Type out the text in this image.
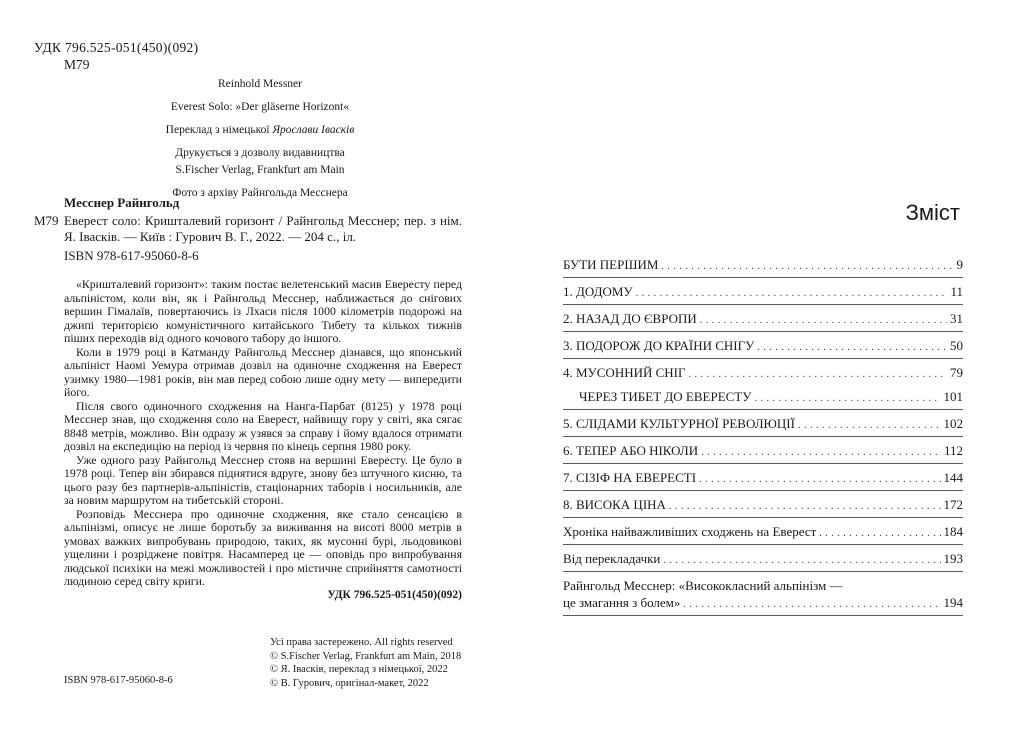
УДК 796.525-051(450)(092)
М79
Reinhold Messner
Everest Solo: »Der gläserne Horizont«
Переклад з німецької Ярослави Іваскiв
Друкується з дозволу видавництва
S.Fischer Verlag, Frankfurt am Main
Фото з архіву Райнгольда Месснера
Месснер Райнгольд
М79 Еверест соло: Кришталевий горизонт / Райнгольд Месснер; пер. з нім. Я. Іваскiв. — Київ : Гурович В. Г., 2022. — 204 с., іл.
ISBN 978-617-95060-8-6

«Кришталевий горизонт»: таким постає велетенський масив Евересту перед альпіністом, коли він, як і Райнгольд Месснер, наближається до снігових вершин Гімалаїв, повертаючись із Лхаси після 1000 кілометрів подорожі на джипі територією комуністичного китайського Тибету та кількох тижнів піших переходів від одного кочового табору до іншого.

Коли в 1979 році в Катманду Райнгольд Месснер дізнався, що японський альпініст Наомі Уемура отримав дозвіл на одиночне сходження на Еверест узимку 1980—1981 років, він мав перед собою лише одну мету — випередити його.

Після свого одиночного сходження на Нанга-Парбат (8125) у 1978 році Месснер знав, що сходження соло на Еверест, найвищу гору у світі, яка сягає 8848 метрів, можливо. Він одразу ж узявся за справу і йому вдалося отримати дозвіл на експедицію на період із червня по кінець серпня 1980 року.

Уже одного разу Райнгольд Месснер стояв на вершині Евересту. Це було в 1978 році. Тепер він збирався піднятися вдруге, знову без штучного кисню, та цього разу без партнерів-альпіністів, стаціонарних таборів і носильників, але за новим маршрутом на тибетській стороні.

Розповідь Месснера про одиночне сходження, яке стало сенсацією в альпінізмі, описує не лише боротьбу за виживання на висоті 8000 метрів в умовах важких випробувань природою, таких, як мусонні бурі, льодовикові ущелини і розріджене повітря. Насамперед це — оповідь про випробування людської психіки на межі можливостей і про містичне сприйняття самотності людиною серед світу криги.

УДК 796.525-051(450)(092)
Усі права застережено. All rights reserved
© S.Fischer Verlag, Frankfurt am Main, 2018
© Я. Іваскiв, переклад з німецької, 2022
© В. Гурович, оригінал-макет, 2022
ISBN 978-617-95060-8-6
Зміст
БУТИ ПЕРШИМ . . .	9
1. ДОДОМУ . . .	11
2. НАЗАД ДО ЄВРОПИ . . .	31
3. ПОДОРОЖ ДО КРАЇНИ СНІГУ . . .	50
4. МУСОННИЙ СНІГ . . .	79
ЧЕРЕЗ ТИБЕТ ДО ЕВЕРЕСТУ . . .	101
5. СЛІДАМИ КУЛЬТУРНОЇ РЕВОЛЮЦІЇ . . .	102
6. ТЕПЕР АБО НІКОЛИ . . .	112
7. СІЗІФ НА ЕВЕРЕСТІ . . .	144
8. ВИСОКА ЦІНА . . .	172
Хроніка найважливіших сходжень на Еверест . . .	184
Від перекладачки . . .	193
Райнгольд Месснер: «Висококласний альпінізм —
це змагання з болем» . . .	194
